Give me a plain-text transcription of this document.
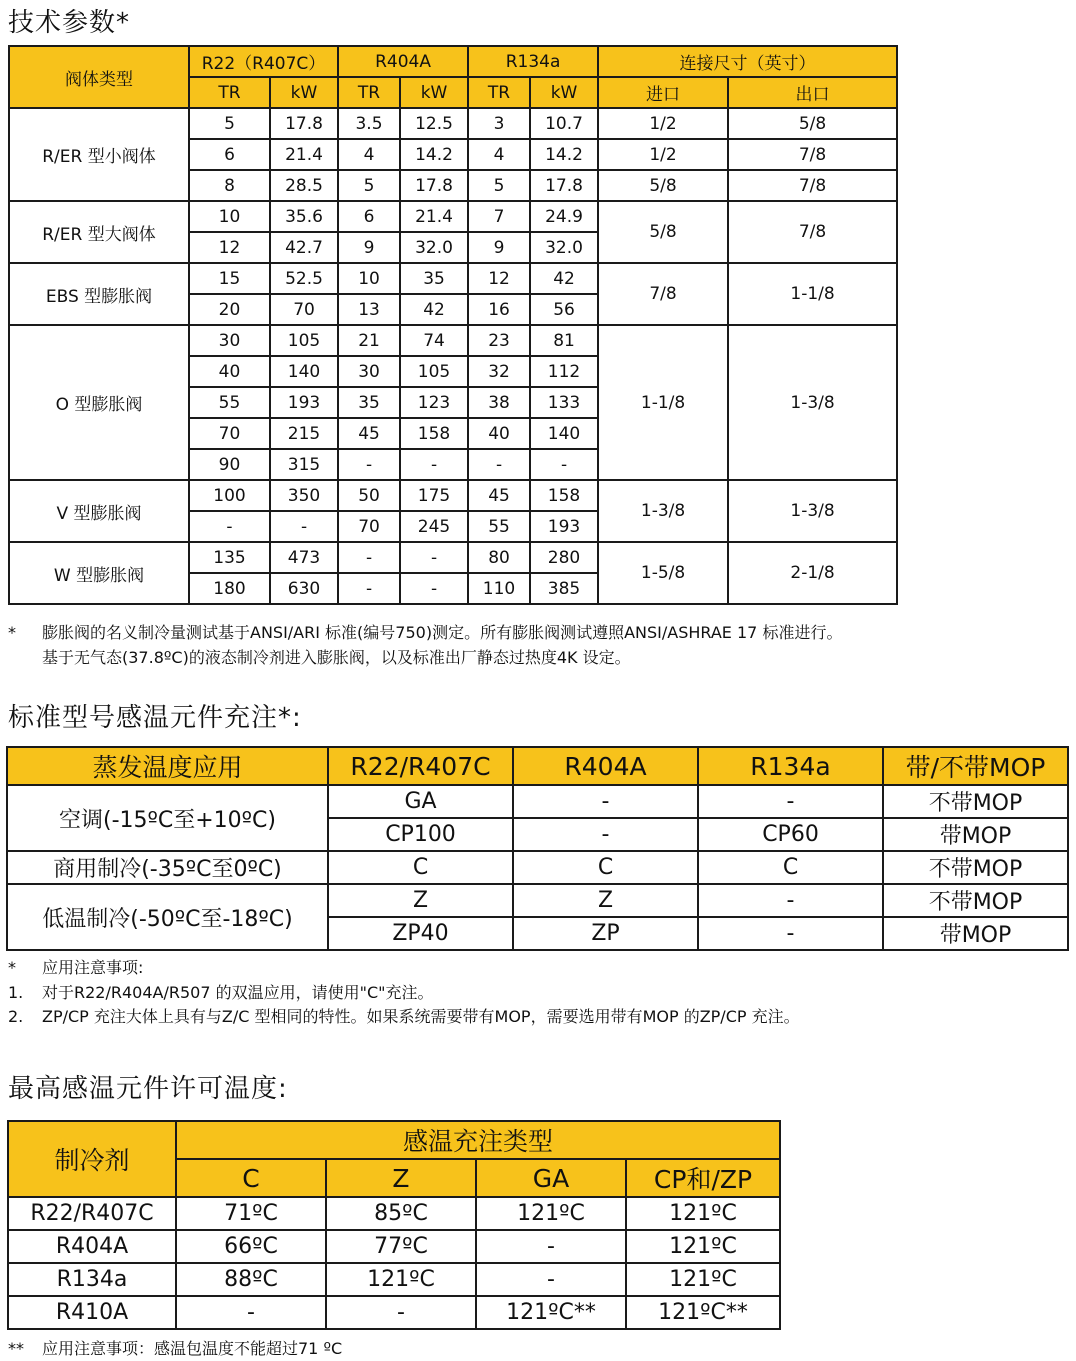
技术参数*
阀体类型	R22（R407C）		R404A		R134a		连接尺寸（英寸）	
	TR	kW	TR	kW	TR	kW	进口	出口
R/ER 型小阀体	5	17.8	3.5	12.5	3	10.7	1/2	5/8
	6	21.4	4	14.2	4	14.2	1/2	7/8
	8	28.5	5	17.8	5	17.8	5/8	7/8
R/ER 型大阀体	10	35.6	6	21.4	7	24.9	5/8	7/8
	12	42.7	9	32.0	9	32.0		
EBS 型膨胀阀	15	52.5	10	35	12	42	7/8	1-1/8
	20	70	13	42	16	56		
O 型膨胀阀	30	105	21	74	23	81	1-1/8	1-3/8
	40	140	30	105	32	112		
	55	193	35	123	38	133		
	70	215	45	158	40	140		
	90	315	-	-	-	-		
V 型膨胀阀	100	350	50	175	45	158	1-3/8	1-3/8
	-	-	70	245	55	193		
W 型膨胀阀	135	473	-	-	80	280	1-5/8	2-1/8
	180	630	-	-	110	385		

* 膨胀阀的名义制冷量测试基于ANSI/ARI 标准(编号750)测定。所有膨胀阀测试遵照ANSI/ASHRAE 17 标准进行。

基于无气态(37.8ºC)的液态制冷剂进入膨胀阀，以及标准出厂静态过热度4K 设定。

标准型号感温元件充注*:
蒸发温度应用	R22/R407C	R404A	R134a	带/不带MOP
空调(-15ºC至+10ºC)	GA	-	-	不带MOP
	CP100	-	CP60	带MOP
商用制冷(-35ºC至0ºC)	C	C	C	不带MOP
低温制冷(-50ºC至-18ºC)	Z	Z	-	不带MOP
	ZP40	ZP	-	带MOP

* 应用注意事项:

1. 对于R22/R404A/R507 的双温应用，请使用"C"充注。

2. ZP/CP 充注大体上具有与Z/C 型相同的特性。如果系统需要带有MOP，需要选用带有MOP 的ZP/CP 充注。

最高感温元件许可温度:
制冷剂	感温充注类型			
	C	Z	GA	CP和/ZP
R22/R407C	71ºC	85ºC	121ºC	121ºC
R404A	66ºC	77ºC	-	121ºC
R134a	88ºC	121ºC	-	121ºC
R410A	-	-	121ºC**	121ºC**

** 应用注意事项：感温包温度不能超过71 ºC
